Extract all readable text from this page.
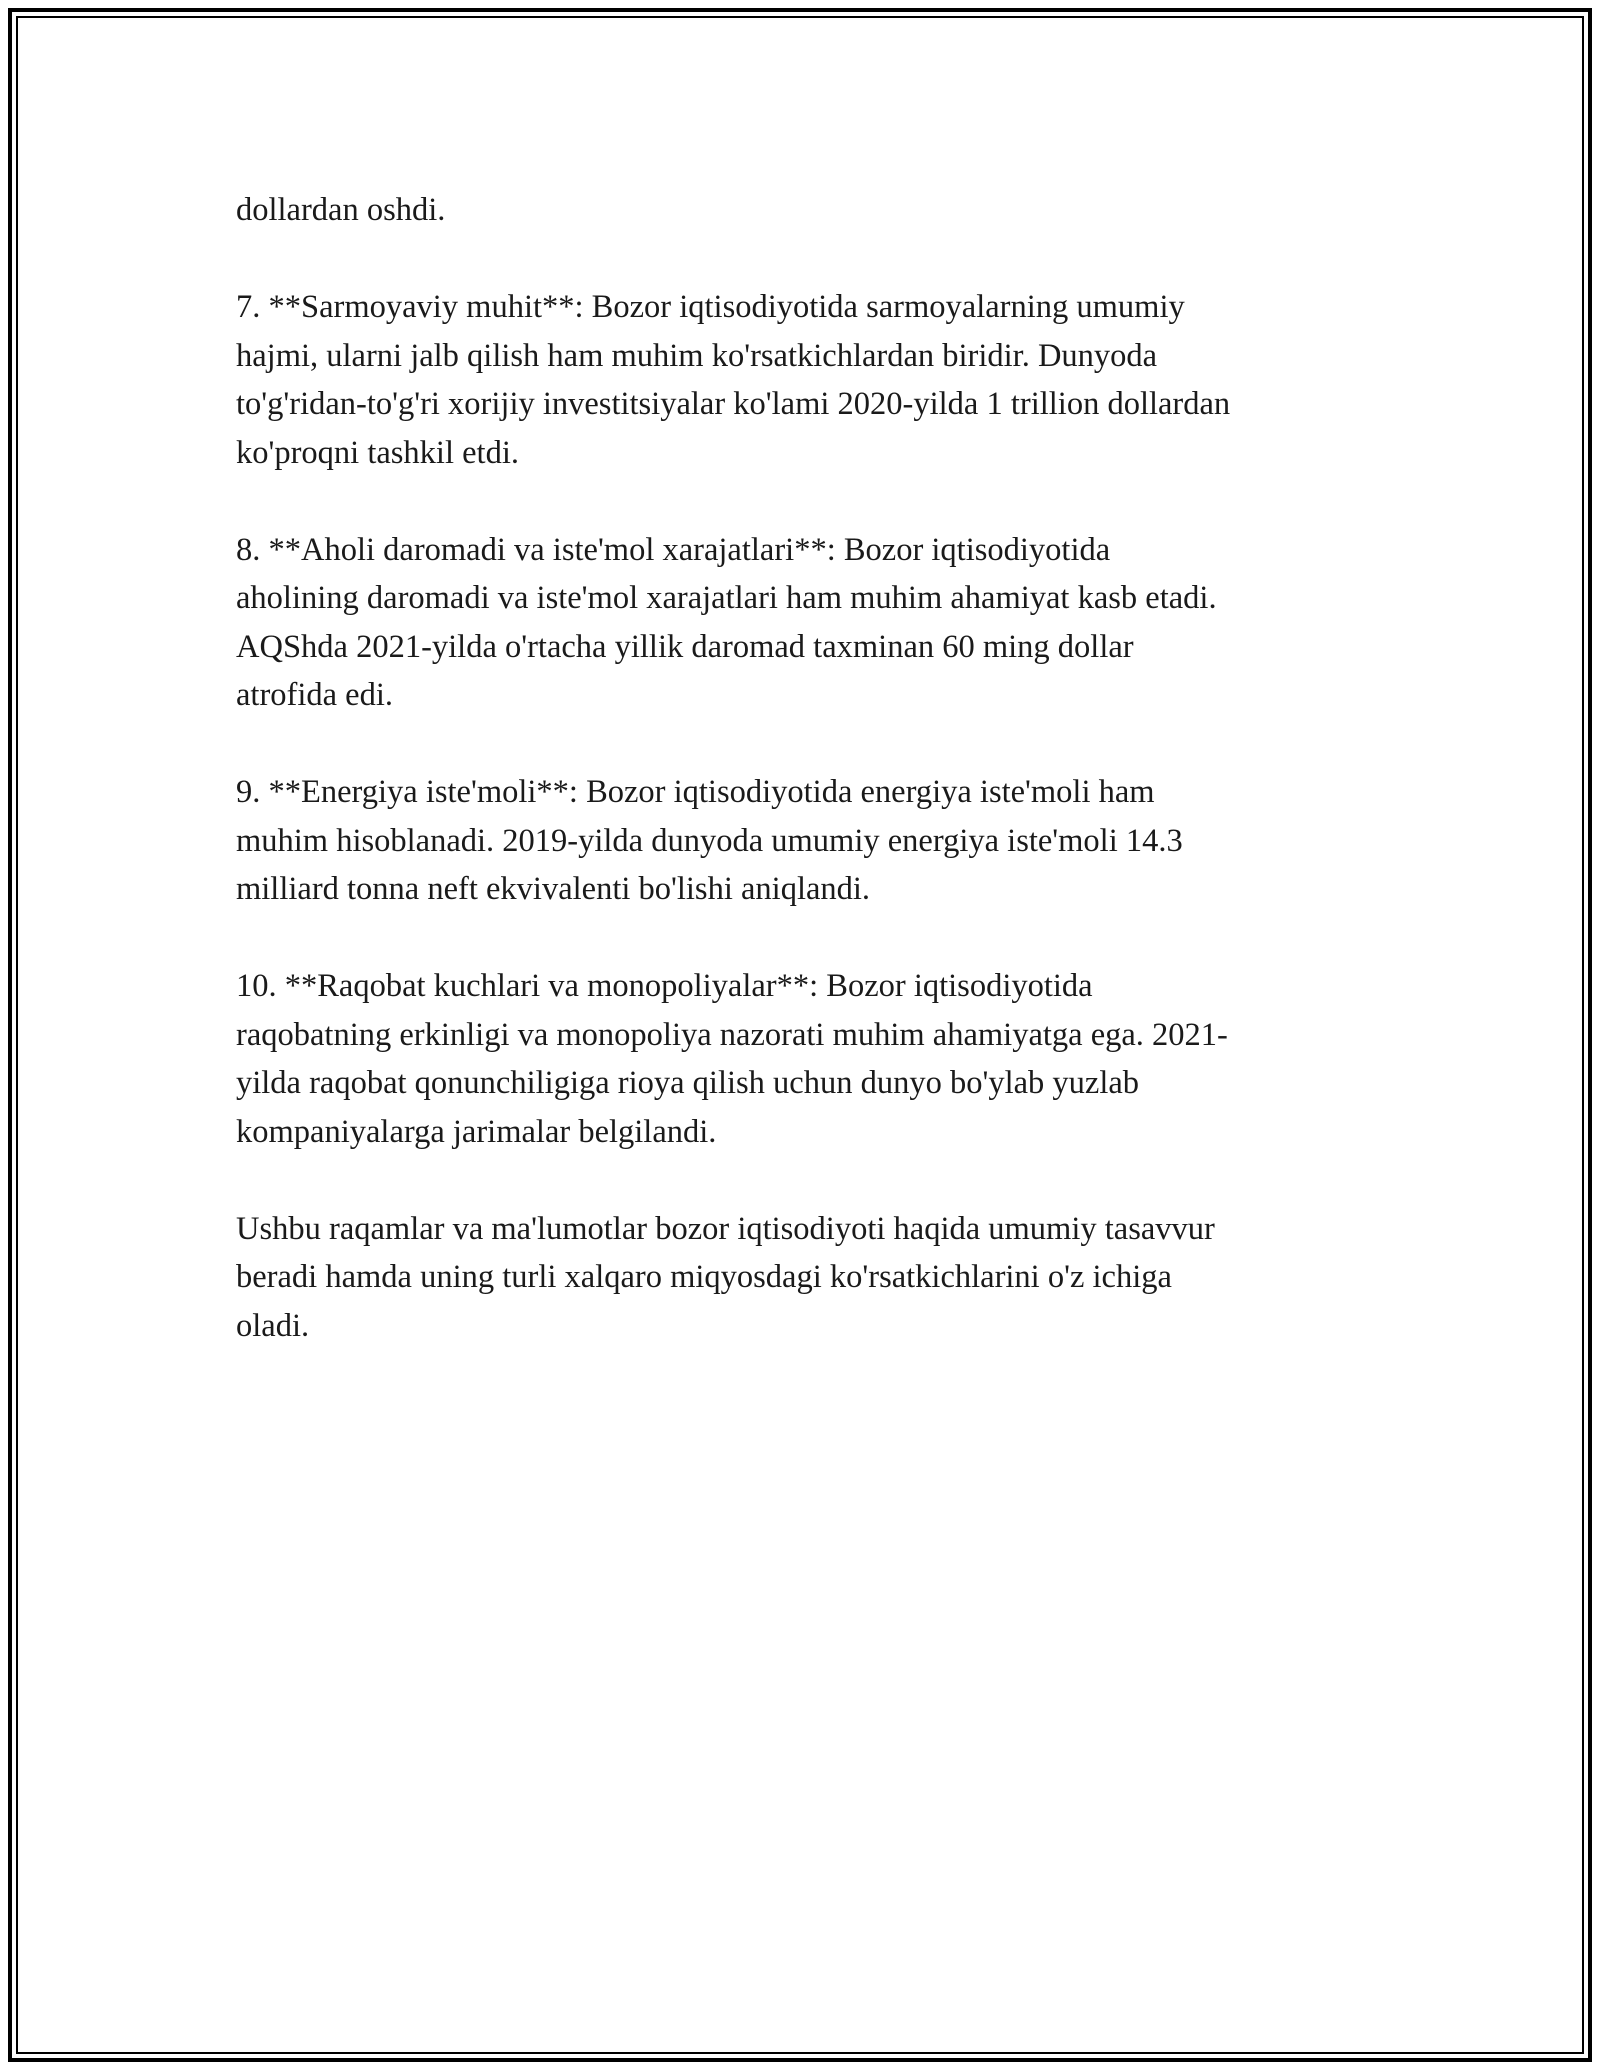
dollardan oshdi.

7. **Sarmoyaviy muhit**: Bozor iqtisodiyotida sarmoyalarning umumiy
hajmi, ularni jalb qilish ham muhim ko'rsatkichlardan biridir. Dunyoda
to'g'ridan-to'g'ri xorijiy investitsiyalar ko'lami 2020-yilda 1 trillion dollardan
ko'proqni tashkil etdi.

8. **Aholi daromadi va iste'mol xarajatlari**: Bozor iqtisodiyotida
aholining daromadi va iste'mol xarajatlari ham muhim ahamiyat kasb etadi.
AQShda 2021-yilda o'rtacha yillik daromad taxminan 60 ming dollar
atrofida edi.

9. **Energiya iste'moli**: Bozor iqtisodiyotida energiya iste'moli ham
muhim hisoblanadi. 2019-yilda dunyoda umumiy energiya iste'moli 14.3
milliard tonna neft ekvivalenti bo'lishi aniqlandi.

10. **Raqobat kuchlari va monopoliyalar**: Bozor iqtisodiyotida
raqobatning erkinligi va monopoliya nazorati muhim ahamiyatga ega. 2021-
yilda raqobat qonunchiligiga rioya qilish uchun dunyo bo'ylab yuzlab
kompaniyalarga jarimalar belgilandi.

Ushbu raqamlar va ma'lumotlar bozor iqtisodiyoti haqida umumiy tasavvur
beradi hamda uning turli xalqaro miqyosdagi ko'rsatkichlarini o'z ichiga
oladi.
